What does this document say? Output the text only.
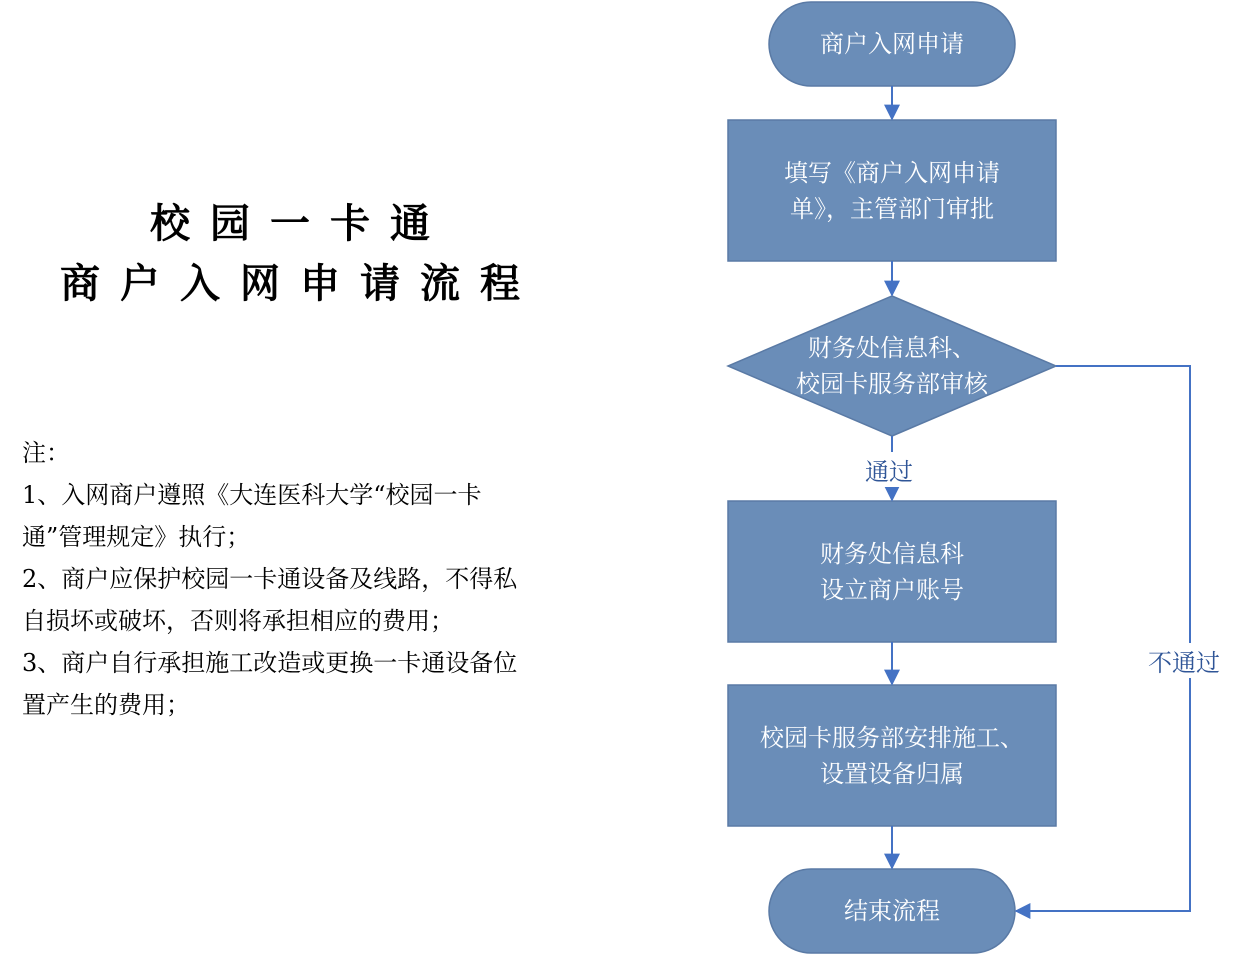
校园一卡通
商户入网申请流程
注：
1、入网商户遵照《大连医科大学“校园一卡
通”管理规定》执行；
2、商户应保护校园一卡通设备及线路，不得私
自损坏或破坏，否则将承担相应的费用；
3、商户自行承担施工改造或更换一卡通设备位
置产生的费用；
商户入网申请
填写《商户入网申请
单》，主管部门审批
财务处信息科、
校园卡服务部审核
财务处信息科
设立商户账号
校园卡服务部安排施工、
设置设备归属
结束流程
通过
不通过
